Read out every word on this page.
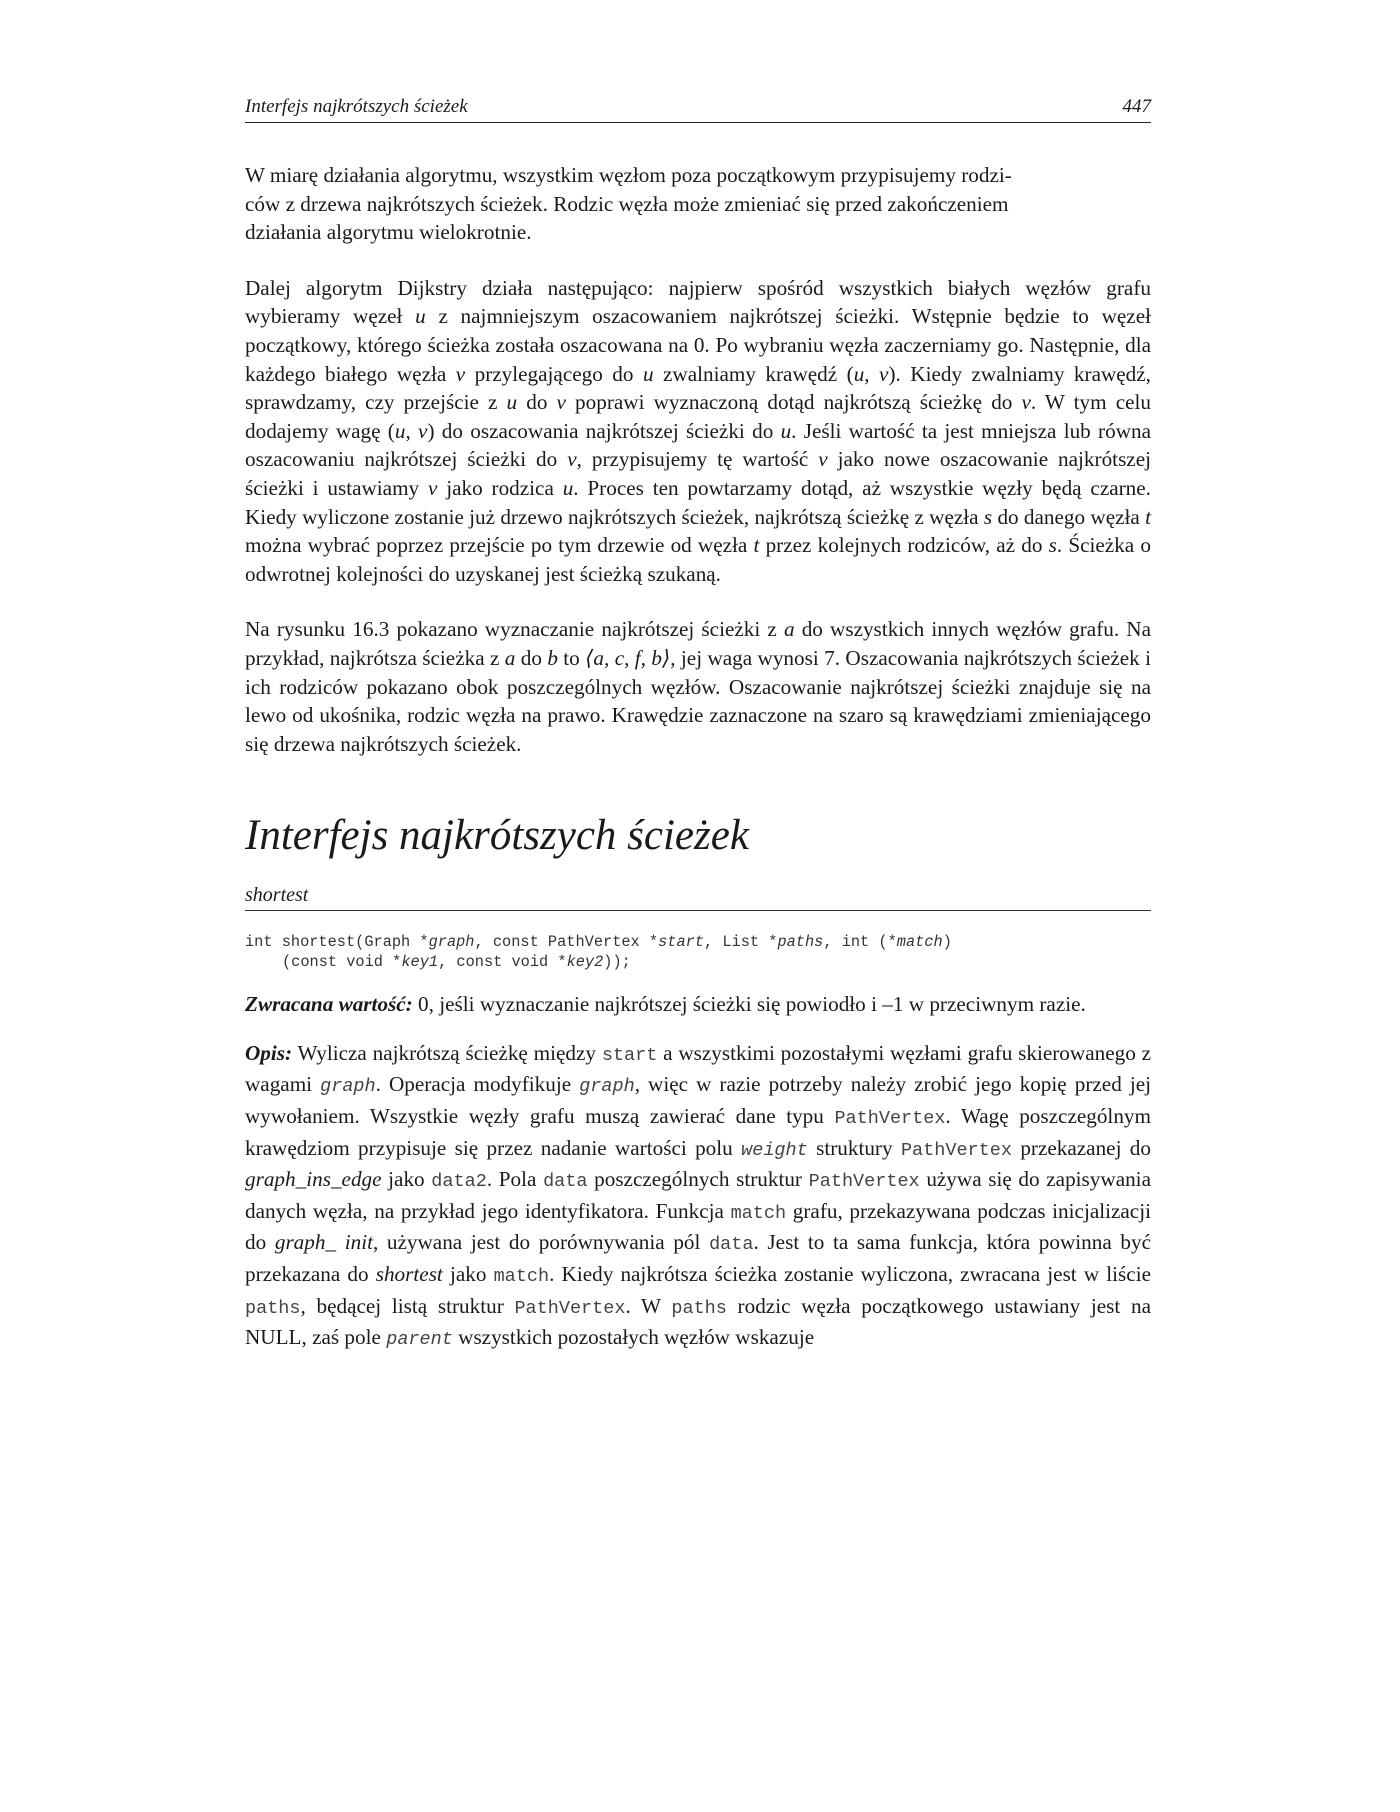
Interfejs najkrótszych ścieżek	447

W miarę działania algorytmu, wszystkim węzłom poza początkowym przypisujemy rodzi-
ców z drzewa najkrótszych ścieżek. Rodzic węzła może zmieniać się przed zakończeniem
działania algorytmu wielokrotnie.

Dalej algorytm Dijkstry działa następująco: najpierw spośród wszystkich białych węzłów grafu wybieramy węzeł u z najmniejszym oszacowaniem najkrótszej ścieżki. Wstępnie będzie to węzeł początkowy, którego ścieżka została oszacowana na 0. Po wybraniu węzła zaczerniamy go. Następnie, dla każdego białego węzła v przylegającego do u zwalniamy krawędź (u, v). Kiedy zwalniamy krawędź, sprawdzamy, czy przejście z u do v poprawi wyznaczoną dotąd najkrótszą ścieżkę do v. W tym celu dodajemy wagę (u, v) do oszacowania najkrótszej ścieżki do u. Jeśli wartość ta jest mniejsza lub równa oszacowaniu najkrótszej ścieżki do v, przypisujemy tę wartość v jako nowe oszacowanie najkrótszej ścieżki i ustawiamy v jako rodzica u. Proces ten powtarzamy dotąd, aż wszystkie węzły będą czarne. Kiedy wyliczone zostanie już drzewo najkrótszych ścieżek, najkrótszą ścieżkę z węzła s do danego węzła t można wybrać poprzez przejście po tym drzewie od węzła t przez kolejnych rodziców, aż do s. Ścieżka o odwrotnej kolejności do uzyskanej jest ścieżką szukaną.

Na rysunku 16.3 pokazano wyznaczanie najkrótszej ścieżki z a do wszystkich innych węzłów grafu. Na przykład, najkrótsza ścieżka z a do b to ⟨a, c, f, b⟩, jej waga wynosi 7. Oszacowania najkrótszych ścieżek i ich rodziców pokazano obok poszczególnych węzłów. Oszacowanie najkrótszej ścieżki znajduje się na lewo od ukośnika, rodzic węzła na prawo. Krawędzie zaznaczone na szaro są krawędziami zmieniającego się drzewa najkrótszych ścieżek.

Interfejs najkrótszych ścieżek
shortest
int shortest(Graph *graph, const PathVertex *start, List *paths, int (*match)
(const void *key1, const void *key2));

Zwracana wartość: 0, jeśli wyznaczanie najkrótszej ścieżki się powiodło i –1 w przeciwnym razie.

Opis: Wylicza najkrótszą ścieżkę między start a wszystkimi pozostałymi węzłami grafu skierowanego z wagami graph. Operacja modyfikuje graph, więc w razie potrzeby należy zrobić jego kopię przed jej wywołaniem. Wszystkie węzły grafu muszą zawierać dane typu PathVertex. Wagę poszczególnym krawędziom przypisuje się przez nadanie wartości polu weight struktury PathVertex przekazanej do graph_ins_edge jako data2. Pola data poszczególnych struktur PathVertex używa się do zapisywania danych węzła, na przykład jego identyfikatora. Funkcja match grafu, przekazywana podczas inicjalizacji do graph_ init, używana jest do porównywania pól data. Jest to ta sama funkcja, która powinna być przekazana do shortest jako match. Kiedy najkrótsza ścieżka zostanie wyliczona, zwracana jest w liście paths, będącej listą struktur PathVertex. W paths rodzic węzła początkowego ustawiany jest na NULL, zaś pole parent wszystkich pozostałych węzłów wskazuje
